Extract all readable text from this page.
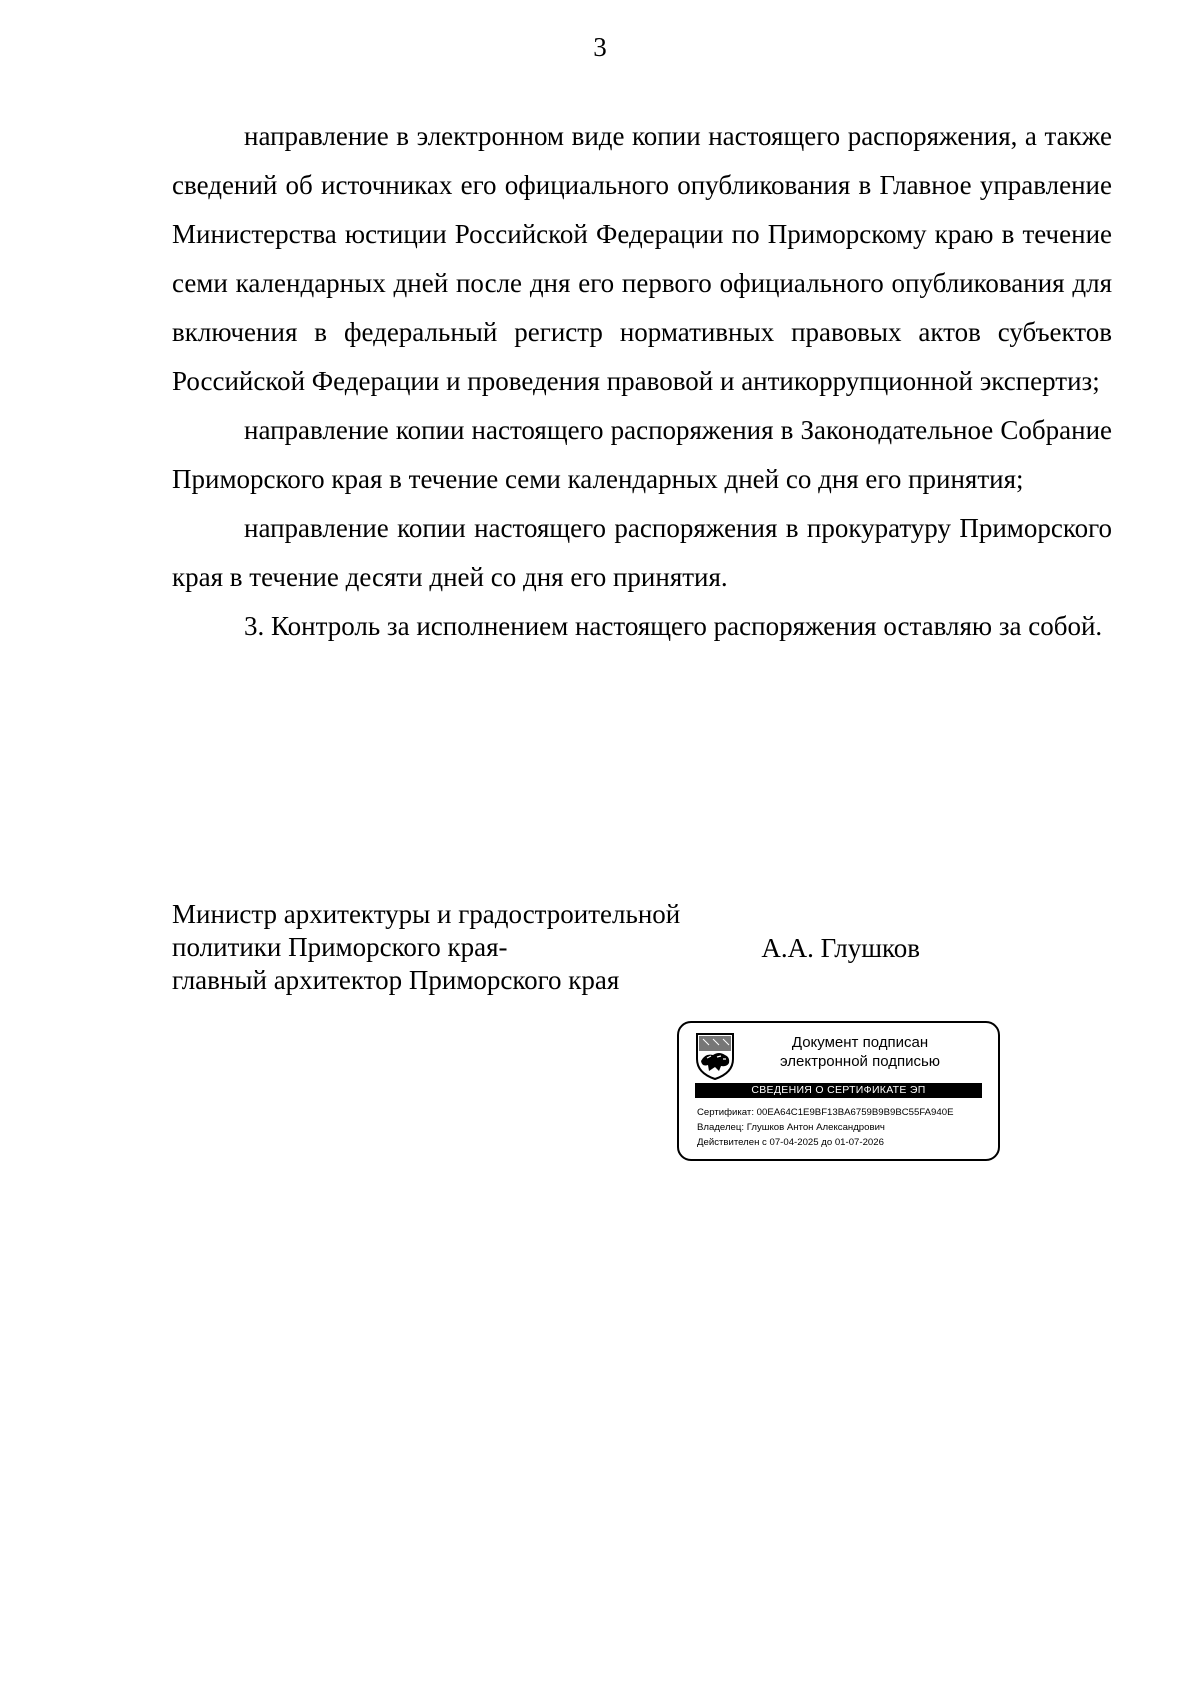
3

направление в электронном виде копии настоящего распоряжения, а также сведений об источниках его официального опубликования в Главное управление Министерства юстиции Российской Федерации по Приморскому краю в течение семи календарных дней после дня его первого официального опубликования для включения в федеральный регистр нормативных правовых актов субъектов Российской Федерации и проведения правовой и антикоррупционной экспертиз;

направление копии настоящего распоряжения в Законодательное Собрание Приморского края в течение семи календарных дней со дня его принятия;

направление копии настоящего распоряжения в прокуратуру Приморского края в течение десяти дней со дня его принятия.

3. Контроль за исполнением настоящего распоряжения оставляю за собой.

Министр архитектуры и градостроительной
политики Приморского края-
главный архитектор Приморского края
А.А. Глушков
Документ подписан
электронной подписью
СВЕДЕНИЯ О СЕРТИФИКАТЕ ЭП
Сертификат: 00EA64C1E9BF13BA6759B9B9BC55FA940E
Владелец: Глушков Антон Александрович
Действителен с 07-04-2025 до 01-07-2026
